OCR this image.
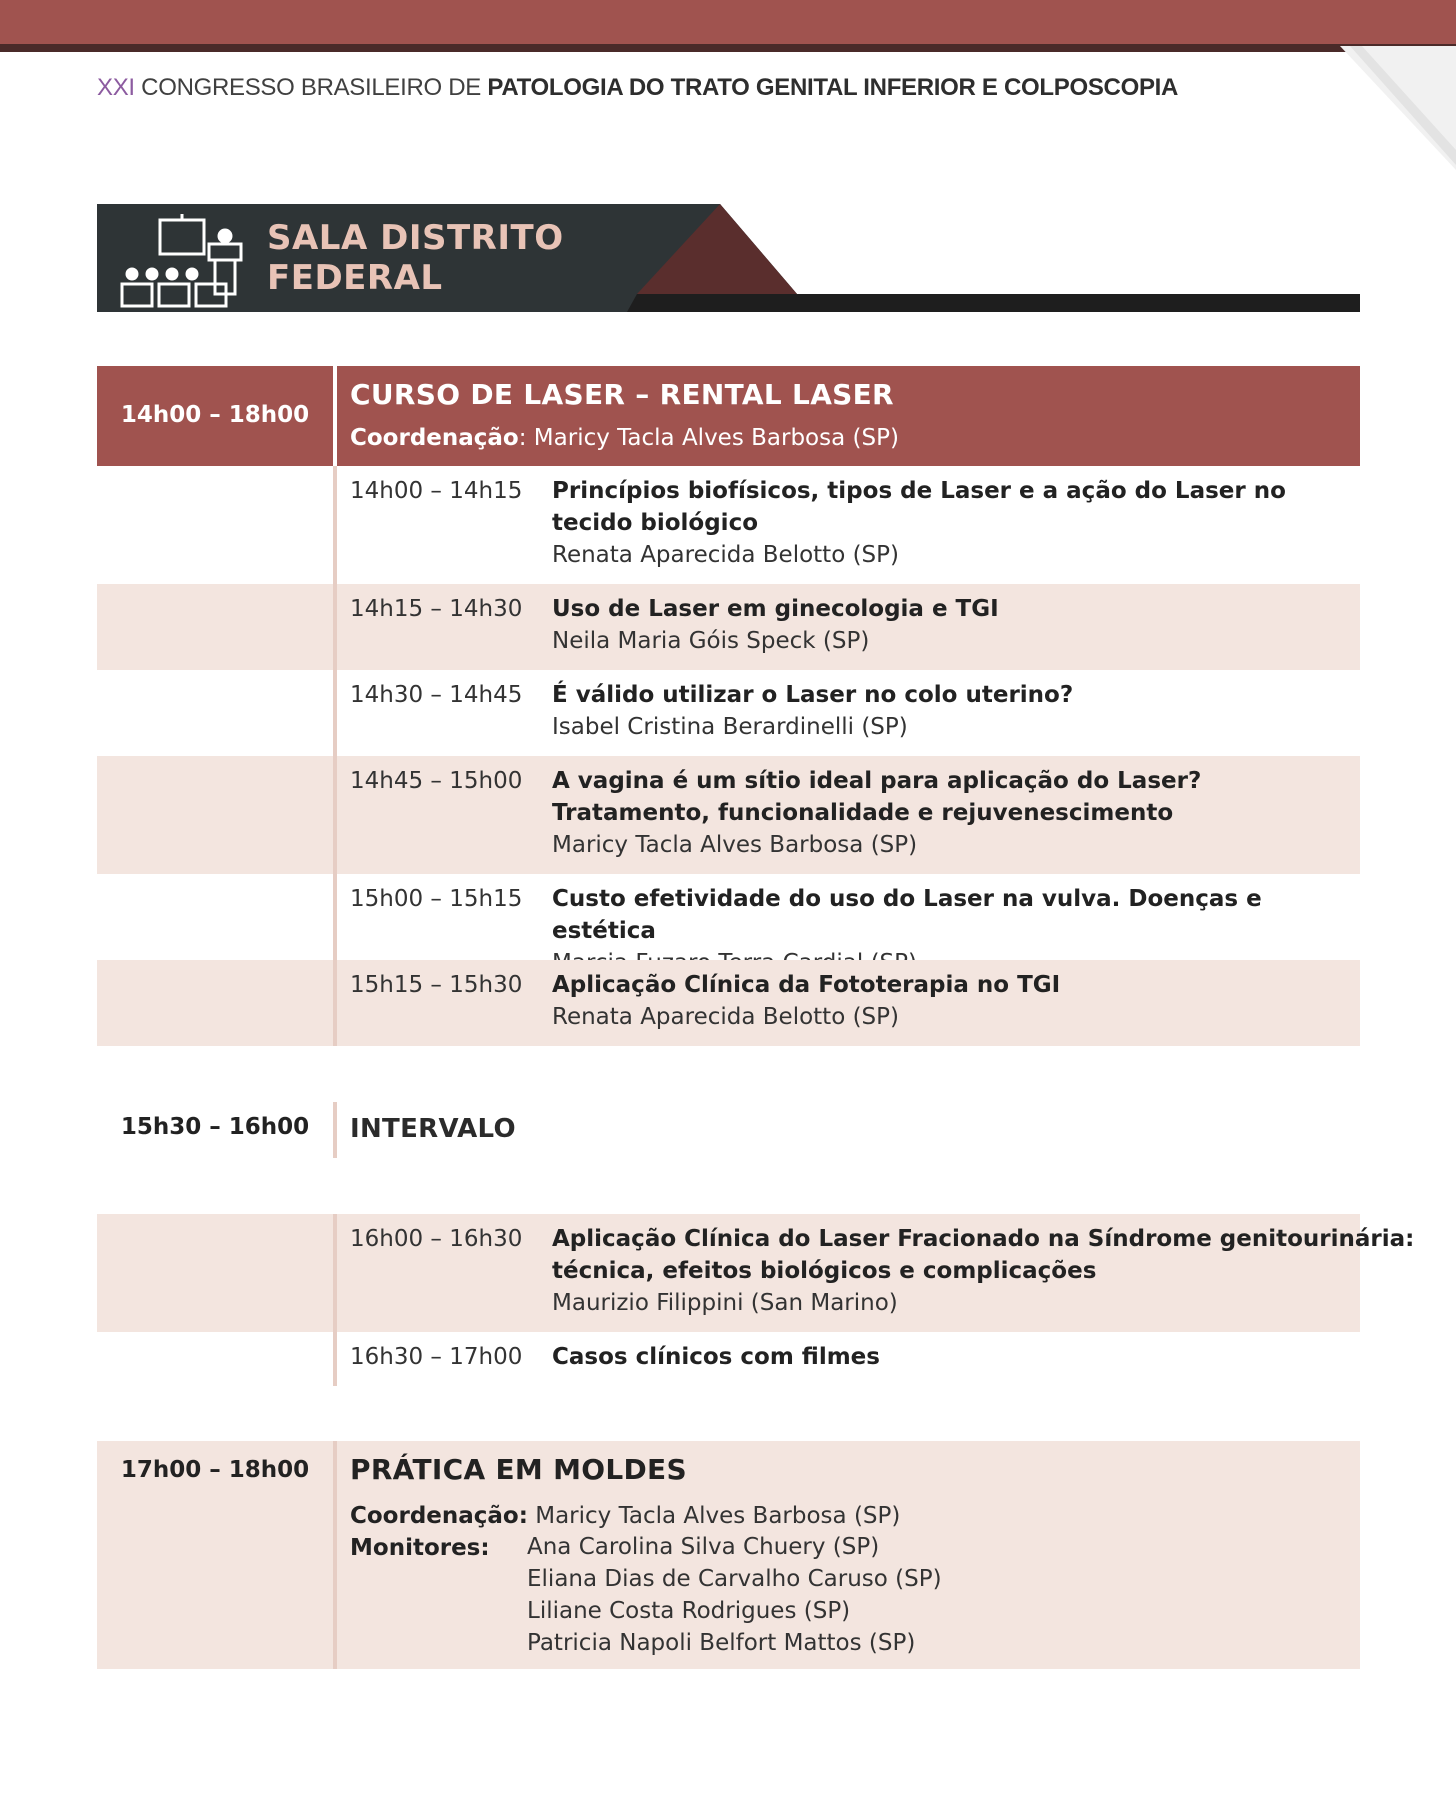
XXI CONGRESSO BRASILEIRO DE PATOLOGIA DO TRATO GENITAL INFERIOR E COLPOSCOPIA
SALA DISTRITO
FEDERAL
14h00 – 18h00
CURSO DE LASER – RENTAL LASER
Coordenação: Maricy Tacla Alves Barbosa (SP)
14h00 – 14h15 Princípios biofísicos, tipos de Laser e a ação do Laser no tecido biológico
Renata Aparecida Belotto (SP)
14h15 – 14h30 Uso de Laser em ginecologia e TGI
Neila Maria Góis Speck (SP)
14h30 – 14h45 É válido utilizar o Laser no colo uterino?
Isabel Cristina Berardinelli (SP)
14h45 – 15h00 A vagina é um sítio ideal para aplicação do Laser? Tratamento, funcionalidade e rejuvenescimento
Maricy Tacla Alves Barbosa (SP)
15h00 – 15h15 Custo efetividade do uso do Laser na vulva. Doenças e estética
15h15 – 15h30 Aplicação Clínica da Fototerapia no TGI
Renata Aparecida Belotto (SP)
15h30 – 16h00	INTERVALO
16h00 – 16h30 Aplicação Clínica do Laser Fracionado na Síndrome genitourinária: técnica, efeitos biológicos e complicações
Maurizio Filippini (San Marino)
16h30 – 17h00 Casos clínicos com filmes
17h00 – 18h00	PRÁTICA EM MOLDES
Coordenação: Maricy Tacla Alves Barbosa (SP)
Monitores: Ana Carolina Silva Chuery (SP)
Eliana Dias de Carvalho Caruso (SP)
Liliane Costa Rodrigues (SP)
Patricia Napoli Belfort Mattos (SP)
